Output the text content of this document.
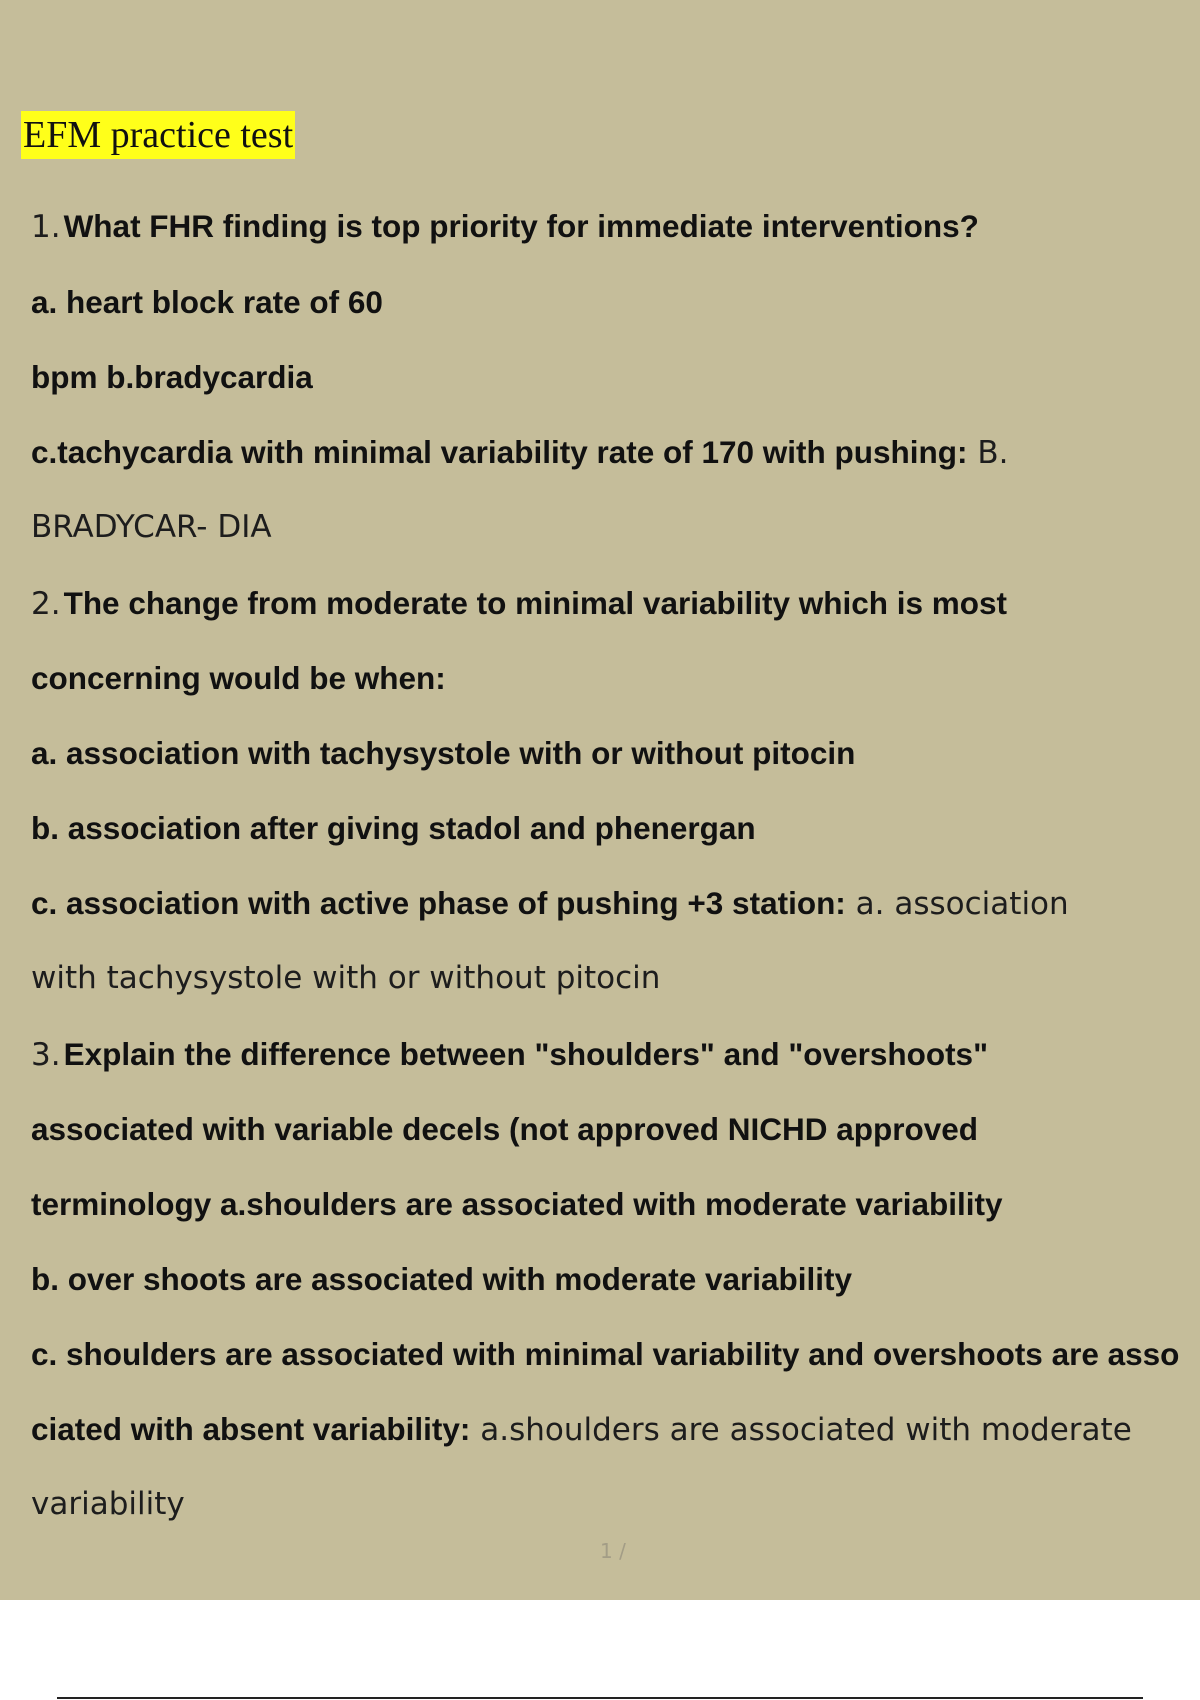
EFM practice test
1.What FHR finding is top priority for immediate interventions?
a. heart block rate of 60
bpm b.bradycardia
c.tachycardia with minimal variability rate of 170 with pushing: B.
BRADYCAR- DIA
2.The change from moderate to minimal variability which is most
concerning would be when:
a. association with tachysystole with or without pitocin
b. association after giving stadol and phenergan
c. association with active phase of pushing +3 station: a. association
with tachysystole with or without pitocin
3.Explain the difference between "shoulders" and "overshoots"
associated with variable decels (not approved NICHD approved
terminology a.shoulders are associated with moderate variability
b. over shoots are associated with moderate variability
c. shoulders are associated with minimal variability and overshoots are asso
ciated with absent variability: a.shoulders are associated with moderate
variability
1 /
